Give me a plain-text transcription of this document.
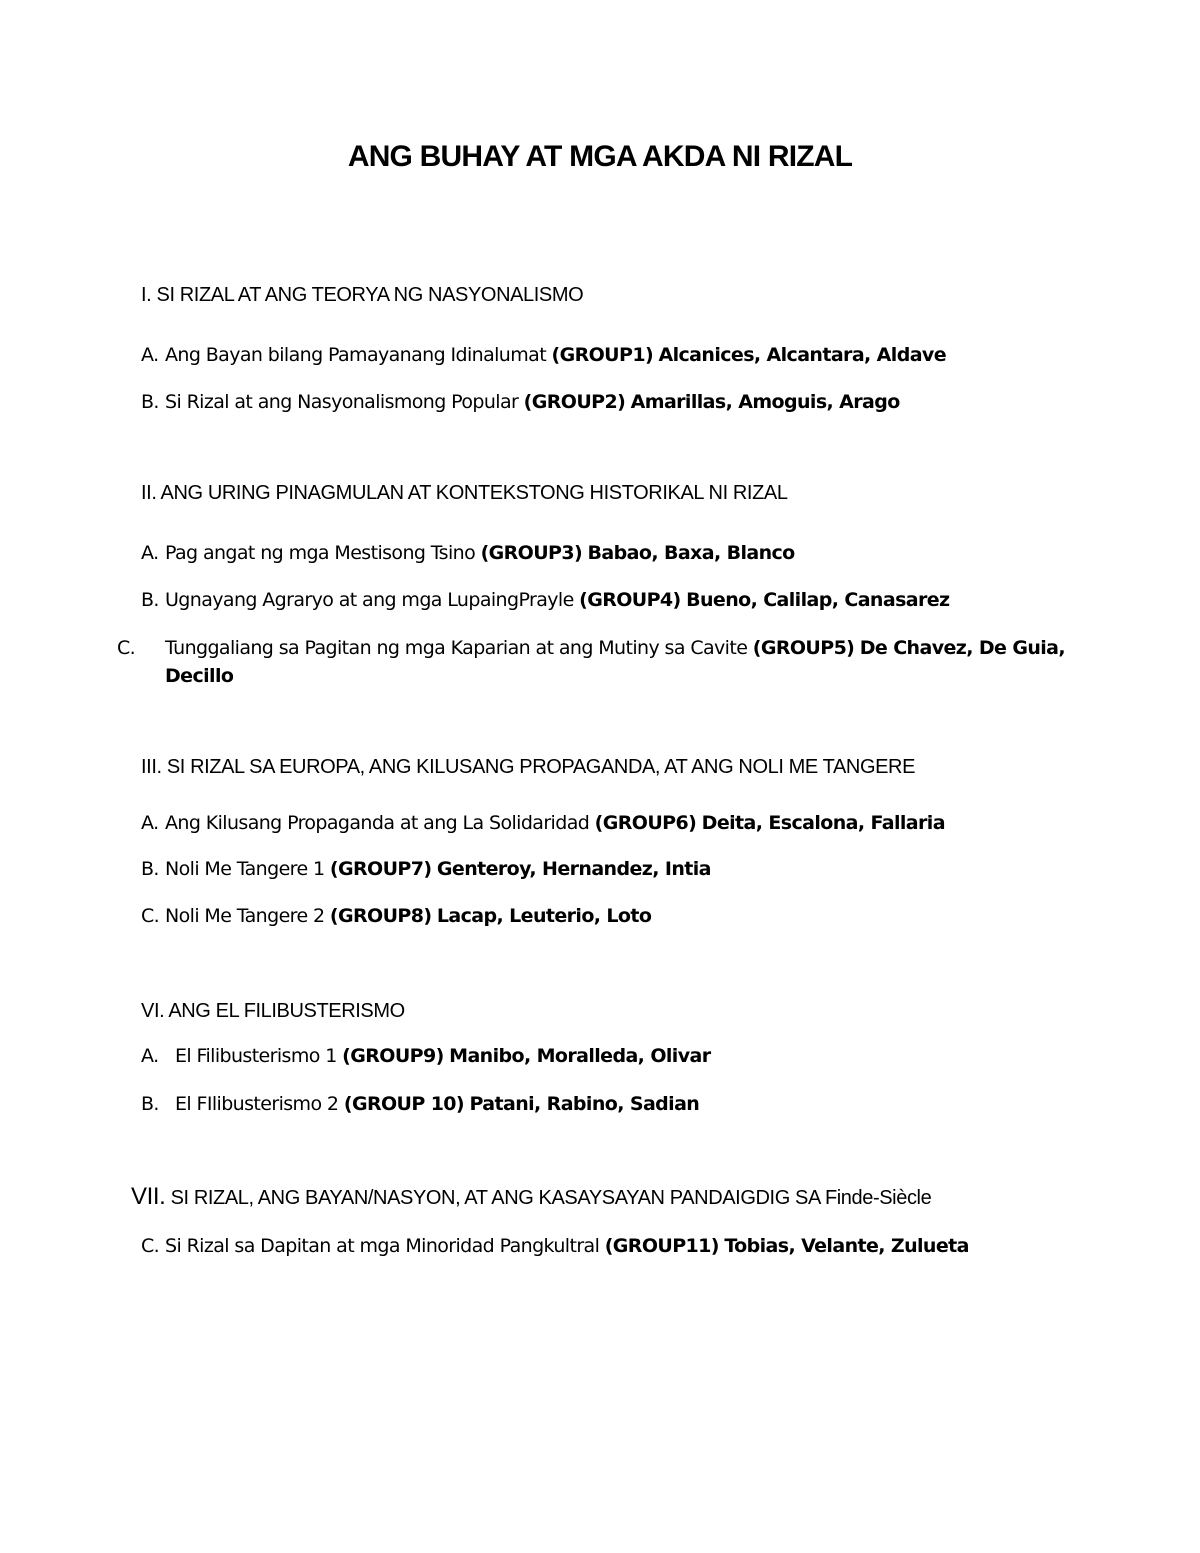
ANG BUHAY AT MGA AKDA NI RIZAL

I. SI RIZAL AT ANG TEORYA NG NASYONALISMO

A. Ang Bayan bilang Pamayanang Idinalumat (GROUP1) Alcanices, Alcantara, Aldave

B. Si Rizal at ang Nasyonalismong Popular (GROUP2) Amarillas, Amoguis, Arago

II. ANG URING PINAGMULAN AT KONTEKSTONG HISTORIKAL NI RIZAL

A. Pag angat ng mga Mestisong Tsino (GROUP3) Babao, Baxa, Blanco

B. Ugnayang Agraryo at ang mga LupaingPrayle (GROUP4) Bueno, Calilap, Canasarez

C. Tunggaliang sa Pagitan ng mga Kaparian at ang Mutiny sa Cavite (GROUP5) De Chavez, De Guia, Decillo

III. SI RIZAL SA EUROPA, ANG KILUSANG PROPAGANDA, AT ANG NOLI ME TANGERE

A. Ang Kilusang Propaganda at ang La Solidaridad (GROUP6) Deita, Escalona, Fallaria

B. Noli Me Tangere 1 (GROUP7) Genteroy, Hernandez, Intia

C. Noli Me Tangere 2 (GROUP8) Lacap, Leuterio, Loto

VI. ANG EL FILIBUSTERISMO

A. El Filibusterismo 1 (GROUP9) Manibo, Moralleda, Olivar

B. El FIlibusterismo 2 (GROUP 10) Patani, Rabino, Sadian

VII. SI RIZAL, ANG BAYAN/NASYON, AT ANG KASAYSAYAN PANDAIGDIG SA Finde-Siècle

C. Si Rizal sa Dapitan at mga Minoridad Pangkultral (GROUP11) Tobias, Velante, Zulueta
